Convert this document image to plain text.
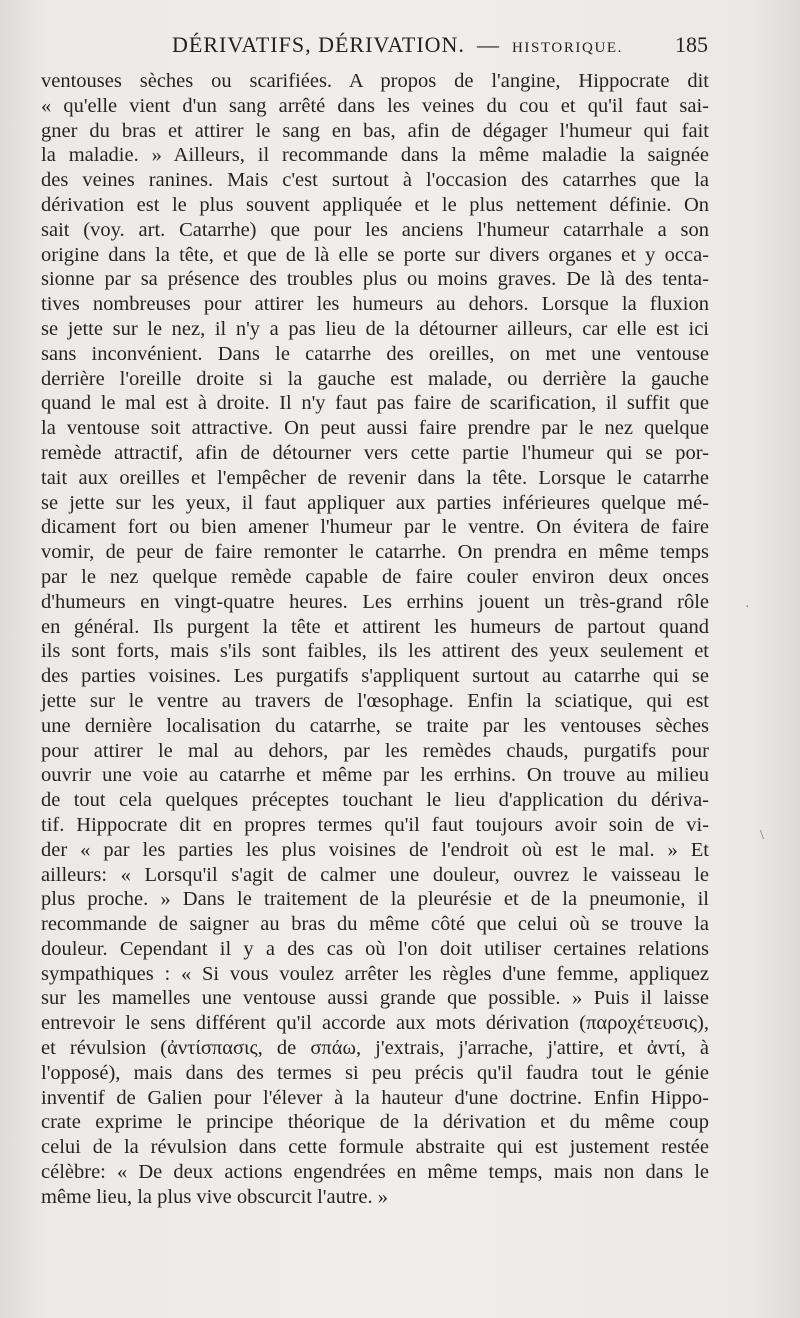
DÉRIVATIFS, DÉRIVATION. — HISTORIQUE. 185
ventouses sèches ou scarifiées. A propos de l'angine, Hippocrate dit
« qu'elle vient d'un sang arrêté dans les veines du cou et qu'il faut sai-
gner du bras et attirer le sang en bas, afin de dégager l'humeur qui fait
la maladie. » Ailleurs, il recommande dans la même maladie la saignée
des veines ranines. Mais c'est surtout à l'occasion des catarrhes que la
dérivation est le plus souvent appliquée et le plus nettement définie. On
sait (voy. art. Catarrhe) que pour les anciens l'humeur catarrhale a son
origine dans la tête, et que de là elle se porte sur divers organes et y occa-
sionne par sa présence des troubles plus ou moins graves. De là des tenta-
tives nombreuses pour attirer les humeurs au dehors. Lorsque la fluxion
se jette sur le nez, il n'y a pas lieu de la détourner ailleurs, car elle est ici
sans inconvénient. Dans le catarrhe des oreilles, on met une ventouse
derrière l'oreille droite si la gauche est malade, ou derrière la gauche
quand le mal est à droite. Il n'y faut pas faire de scarification, il suffit que
la ventouse soit attractive. On peut aussi faire prendre par le nez quelque
remède attractif, afin de détourner vers cette partie l'humeur qui se por-
tait aux oreilles et l'empêcher de revenir dans la tête. Lorsque le catarrhe
se jette sur les yeux, il faut appliquer aux parties inférieures quelque mé-
dicament fort ou bien amener l'humeur par le ventre. On évitera de faire
vomir, de peur de faire remonter le catarrhe. On prendra en même temps
par le nez quelque remède capable de faire couler environ deux onces
d'humeurs en vingt-quatre heures. Les errhins jouent un très-grand rôle
en général. Ils purgent la tête et attirent les humeurs de partout quand
ils sont forts, mais s'ils sont faibles, ils les attirent des yeux seulement et
des parties voisines. Les purgatifs s'appliquent surtout au catarrhe qui se
jette sur le ventre au travers de l'œsophage. Enfin la sciatique, qui est
une dernière localisation du catarrhe, se traite par les ventouses sèches
pour attirer le mal au dehors, par les remèdes chauds, purgatifs pour
ouvrir une voie au catarrhe et même par les errhins. On trouve au milieu
de tout cela quelques préceptes touchant le lieu d'application du dériva-
tif. Hippocrate dit en propres termes qu'il faut toujours avoir soin de vi-
der « par les parties les plus voisines de l'endroit où est le mal. » Et
ailleurs: « Lorsqu'il s'agit de calmer une douleur, ouvrez le vaisseau le
plus proche. » Dans le traitement de la pleurésie et de la pneumonie, il
recommande de saigner au bras du même côté que celui où se trouve la
douleur. Cependant il y a des cas où l'on doit utiliser certaines relations
sympathiques : « Si vous voulez arrêter les règles d'une femme, appliquez
sur les mamelles une ventouse aussi grande que possible. » Puis il laisse
entrevoir le sens différent qu'il accorde aux mots dérivation (παροχέτευσις),
et révulsion (ἀντίσπασις, de σπάω, j'extrais, j'arrache, j'attire, et ἀντί, à
l'opposé), mais dans des termes si peu précis qu'il faudra tout le génie
inventif de Galien pour l'élever à la hauteur d'une doctrine. Enfin Hippo-
crate exprime le principe théorique de la dérivation et du même coup
celui de la révulsion dans cette formule abstraite qui est justement restée
célèbre: « De deux actions engendrées en même temps, mais non dans le
même lieu, la plus vive obscurcit l'autre. »
·
\
